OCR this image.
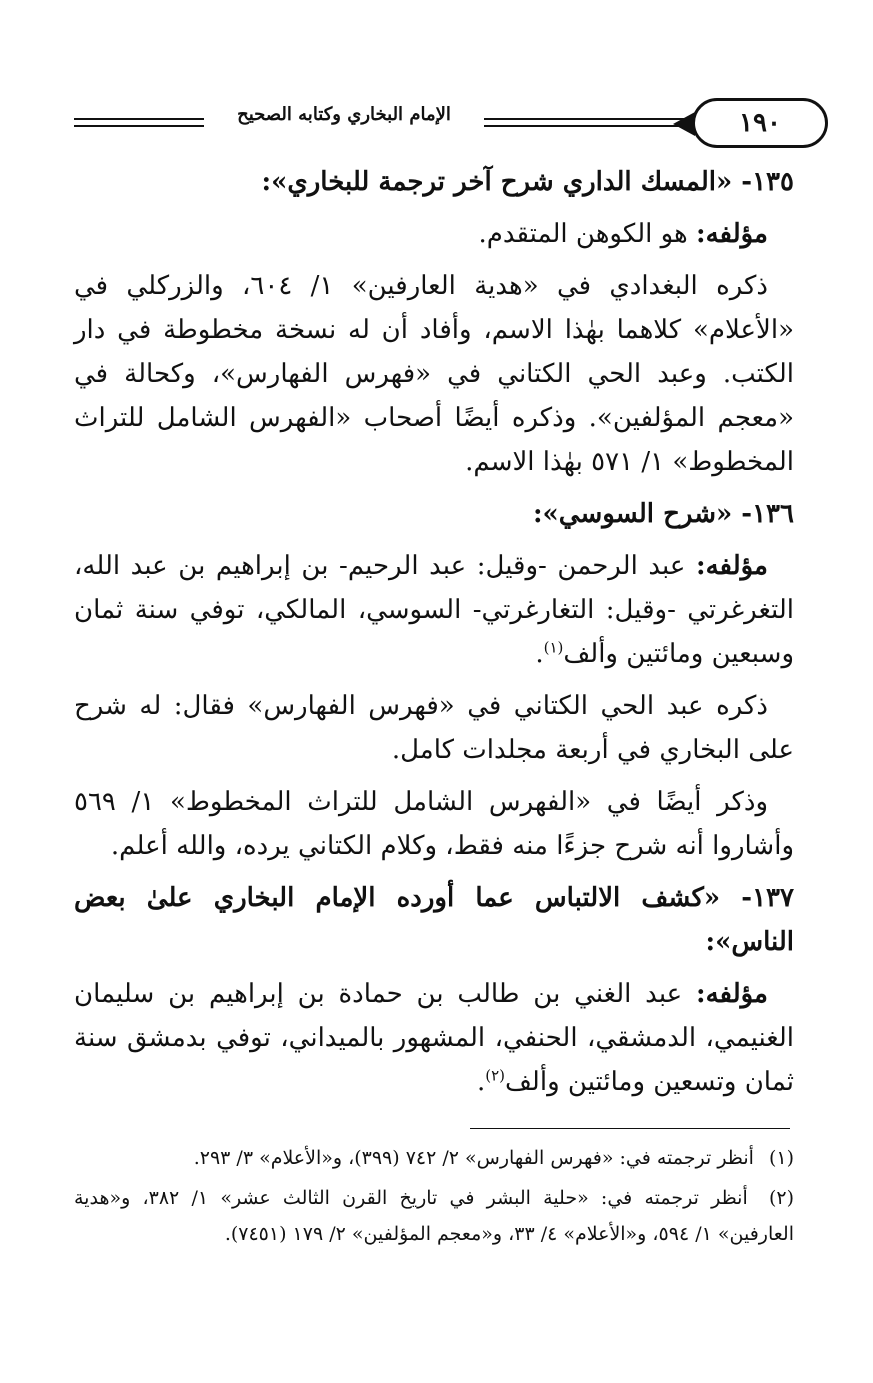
الإمام البخاري وكتابه الصحيح	١٩٠

١٣٥- «المسك الداري شرح آخر ترجمة للبخاري»:

مؤلفه: هو الكوهن المتقدم.

ذكره البغدادي في «هدية العارفين» ١/ ٦٠٤، والزركلي في «الأعلام» كلاهما بهٰذا الاسم، وأفاد أن له نسخة مخطوطة في دار الكتب. وعبد الحي الكتاني في «فهرس الفهارس»، وكحالة في «معجم المؤلفين». وذكره أيضًا أصحاب «الفهرس الشامل للتراث المخطوط» ١/ ٥٧١ بهٰذا الاسم.

١٣٦- «شرح السوسي»:

مؤلفه: عبد الرحمن -وقيل: عبد الرحيم- بن إبراهيم بن عبد الله، التغرغرتي -وقيل: التغارغرتي- السوسي، المالكي، توفي سنة ثمان وسبعين ومائتين وألف$^{(١)}$.

ذكره عبد الحي الكتاني في «فهرس الفهارس» فقال: له شرح على البخاري في أربعة مجلدات كامل.

وذكر أيضًا في «الفهرس الشامل للتراث المخطوط» ١/ ٥٦٩ وأشاروا أنه شرح جزءًا منه فقط، وكلام الكتاني يرده، والله أعلم.

١٣٧- «كشف الالتباس عما أورده الإمام البخاري علىٰ بعض الناس»:

مؤلفه: عبد الغني بن طالب بن حمادة بن إبراهيم بن سليمان الغنيمي، الدمشقي، الحنفي، المشهور بالميداني، توفي بدمشق سنة ثمان وتسعين ومائتين وألف$^{(٢)}$.

(١) أنظر ترجمته في: «فهرس الفهارس» ٢/ ٧٤٢ (٣٩٩)، و«الأعلام» ٣/ ٢٩٣.

(٢) أنظر ترجمته في: «حلية البشر في تاريخ القرن الثالث عشر» ١/ ٣٨٢، و«هدية العارفين» ١/ ٥٩٤، و«الأعلام» ٤/ ٣٣، و«معجم المؤلفين» ٢/ ١٧٩ (٧٤٥١).
